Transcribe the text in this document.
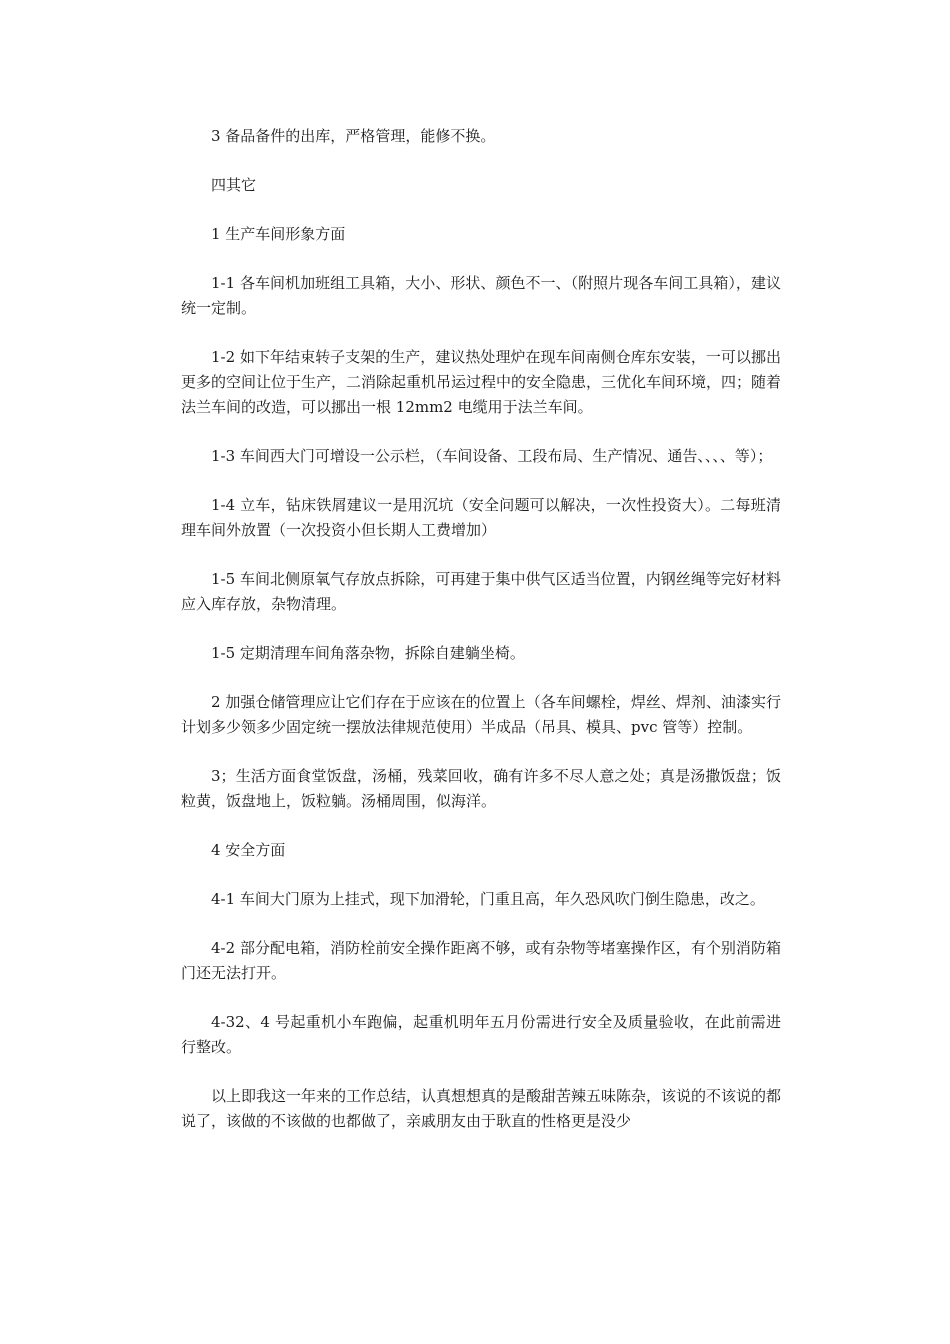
3 备品备件的出库，严格管理，能修不换。

四其它

1 生产车间形象方面

1-1 各车间机加班组工具箱，大小、形状、颜色不一、（附照片现各车间工具箱），建议统一定制。

1-2 如下年结束转子支架的生产，建议热处理炉在现车间南侧仓库东安装，一可以挪出更多的空间让位于生产，二消除起重机吊运过程中的安全隐患，三优化车间环境，四；随着法兰车间的改造，可以挪出一根 12mm2 电缆用于法兰车间。

1-3 车间西大门可增设一公示栏，（车间设备、工段布局、生产情况、通告、、、、等）；

1-4 立车，钻床铁屑建议一是用沉坑（安全问题可以解决，一次性投资大）。二每班清理车间外放置（一次投资小但长期人工费增加）

1-5 车间北侧原氧气存放点拆除，可再建于集中供气区适当位置，内钢丝绳等完好材料应入库存放，杂物清理。

1-5 定期清理车间角落杂物，拆除自建躺坐椅。

2 加强仓储管理应让它们存在于应该在的位置上（各车间螺栓，焊丝、焊剂、油漆实行计划多少领多少固定统一摆放法律规范使用）半成品（吊具、模具、pvc 管等）控制。

3；生活方面食堂饭盘，汤桶，残菜回收，确有许多不尽人意之处；真是汤撒饭盘；饭粒黄，饭盘地上，饭粒躺。汤桶周围，似海洋。

4 安全方面

4-1 车间大门原为上挂式，现下加滑轮，门重且高，年久恐风吹门倒生隐患，改之。

4-2 部分配电箱，消防栓前安全操作距离不够，或有杂物等堵塞操作区，有个别消防箱门还无法打开。

4-32、4 号起重机小车跑偏，起重机明年五月份需进行安全及质量验收，在此前需进行整改。

以上即我这一年来的工作总结，认真想想真的是酸甜苦辣五味陈杂，该说的不该说的都说了，该做的不该做的也都做了，亲戚朋友由于耿直的性格更是没少
